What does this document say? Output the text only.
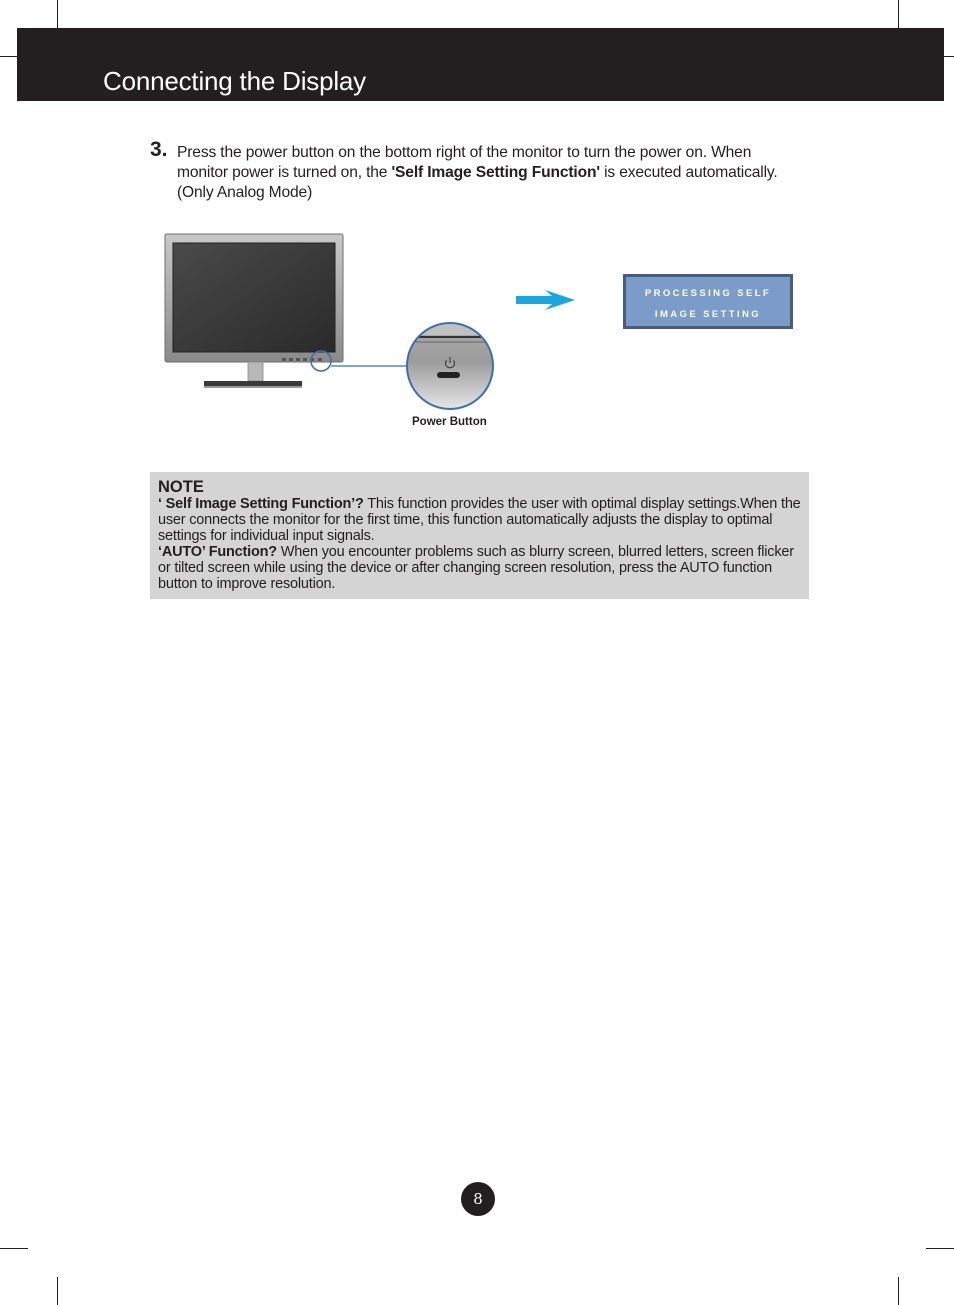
Connecting the Display
3. Press the power button on the bottom right of the monitor to turn the power on. When monitor power is turned on, the 'Self Image Setting Function' is executed automatically. (Only Analog Mode)
Power Button
PROCESSING SELF
IMAGE SETTING
NOTE
‘ Self Image Setting Function’? This function provides the user with optimal display settings.When the user connects the monitor for the first time, this function automatically adjusts the display to optimal settings for individual input signals.
‘AUTO’ Function? When you encounter problems such as blurry screen, blurred letters, screen flicker or tilted screen while using the device or after changing screen resolution, press the AUTO function button to improve resolution.
8
